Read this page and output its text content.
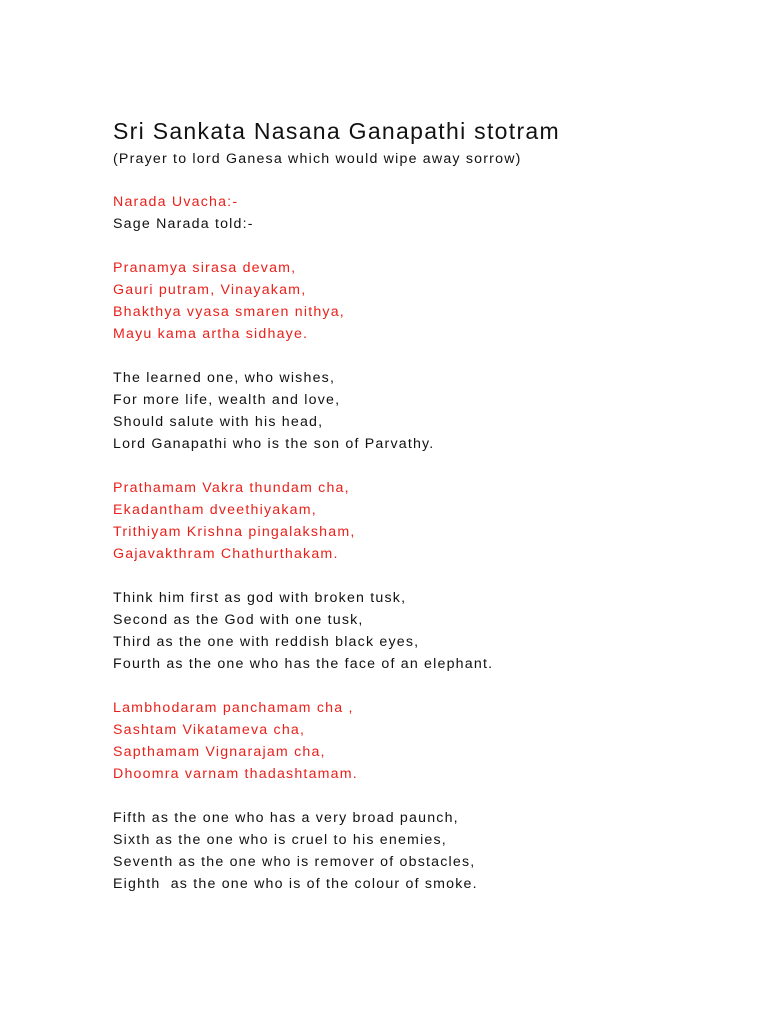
Sri Sankata Nasana Ganapathi stotram

(Prayer to lord Ganesa which would wipe away sorrow)

Narada Uvacha:-
Sage Narada told:-
Pranamya sirasa devam,
Gauri putram, Vinayakam,
Bhakthya vyasa smaren nithya,
Mayu kama artha sidhaye.
The learned one, who wishes,
For more life, wealth and love,
Should salute with his head,
Lord Ganapathi who is the son of Parvathy.
Prathamam Vakra thundam cha,
Ekadantham dveethiyakam,
Trithiyam Krishna pingalaksham,
Gajavakthram Chathurthakam.
Think him first as god with broken tusk,
Second as the God with one tusk,
Third as the one with reddish black eyes,
Fourth as the one who has the face of an elephant.
Lambhodaram panchamam cha ,
Sashtam Vikatameva cha,
Sapthamam Vignarajam cha,
Dhoomra varnam thadashtamam.
Fifth as the one who has a very broad paunch,
Sixth as the one who is cruel to his enemies,
Seventh as the one who is remover of obstacles,
Eighth  as the one who is of the colour of smoke.
